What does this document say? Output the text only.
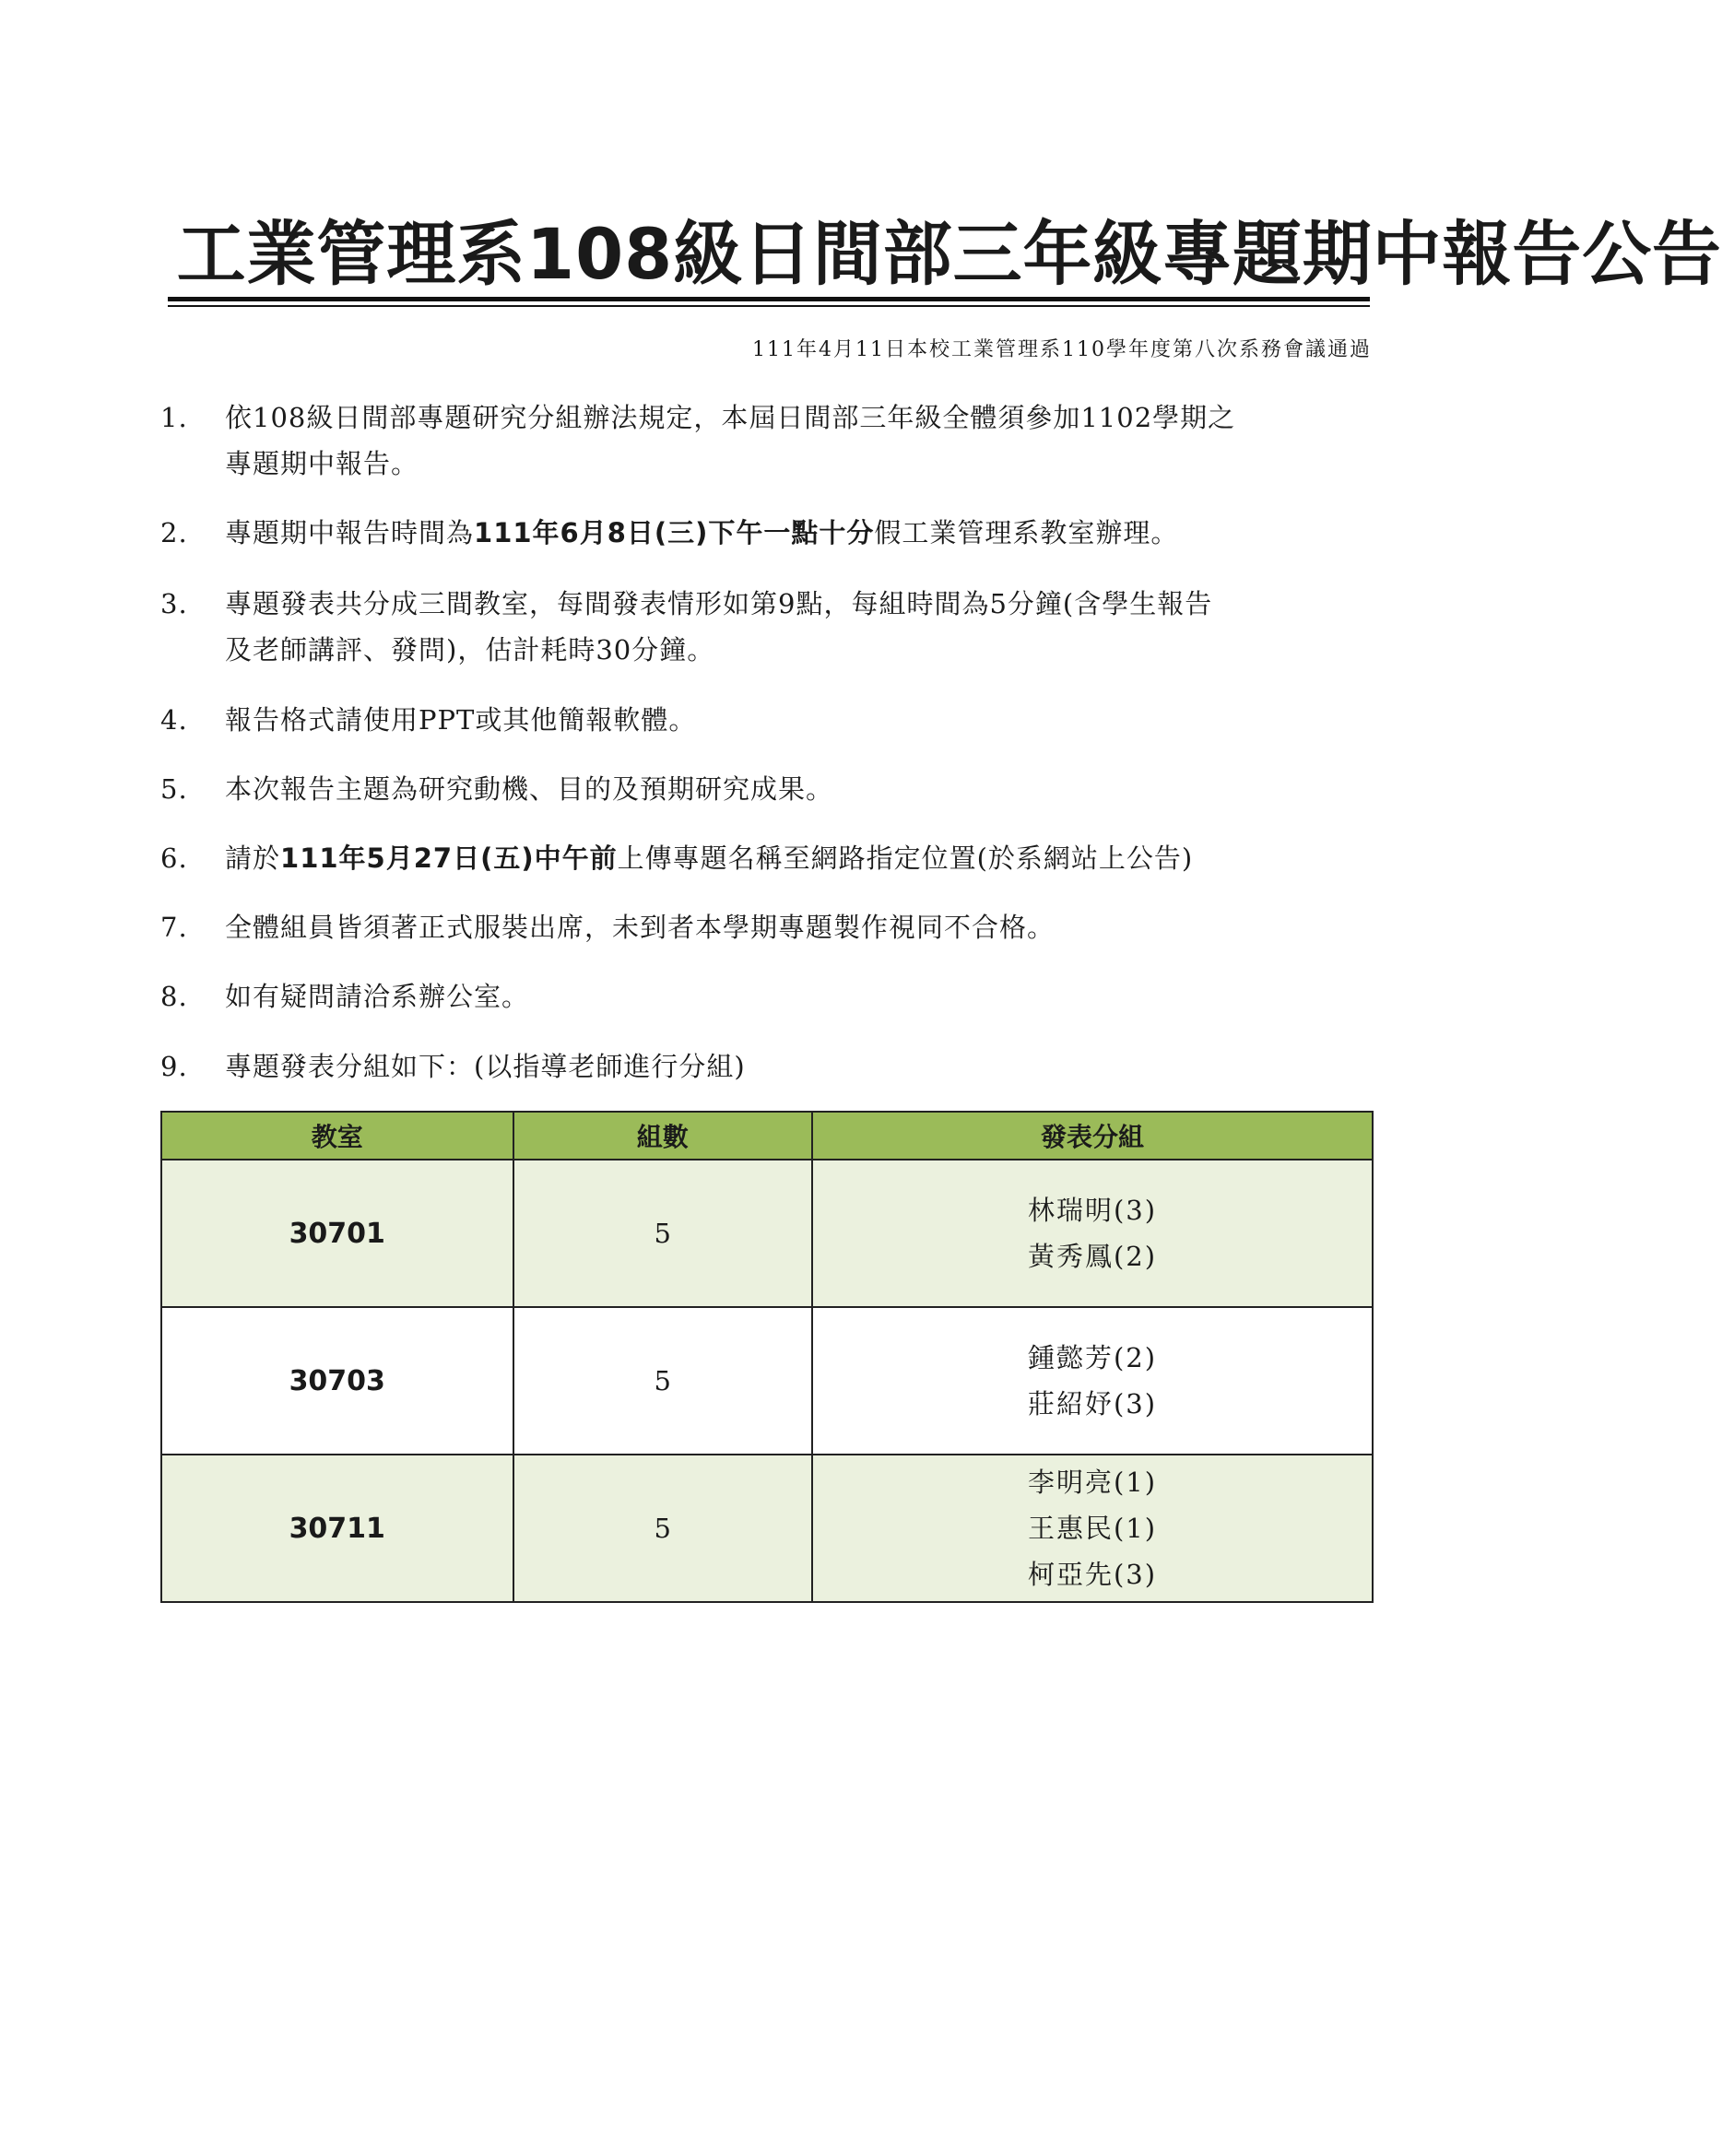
工業管理系108級日間部三年級專題期中報告公告
111年4月11日本校工業管理系110學年度第八次系務會議通過
1. 依108級日間部專題研究分組辦法規定，本屆日間部三年級全體須參加1102學期之
專題期中報告。
2. 專題期中報告時間為111年6月8日(三)下午一點十分假工業管理系教室辦理。
3. 專題發表共分成三間教室，每間發表情形如第9點，每組時間為5分鐘(含學生報告
及老師講評、發問)，估計耗時30分鐘。
4. 報告格式請使用PPT或其他簡報軟體。
5. 本次報告主題為研究動機、目的及預期研究成果。
6. 請於111年5月27日(五)中午前上傳專題名稱至網路指定位置(於系網站上公告)
7. 全體組員皆須著正式服裝出席，未到者本學期專題製作視同不合格。
8. 如有疑問請洽系辦公室。
9. 專題發表分組如下：(以指導老師進行分組)
教室	組數	發表分組
30701	5	林瑞明(3)
黃秀鳳(2)

30703	5	鍾懿芳(2)
莊紹妤(3)

30711	5	李明亮(1)
王惠民(1)
柯亞先(3)
